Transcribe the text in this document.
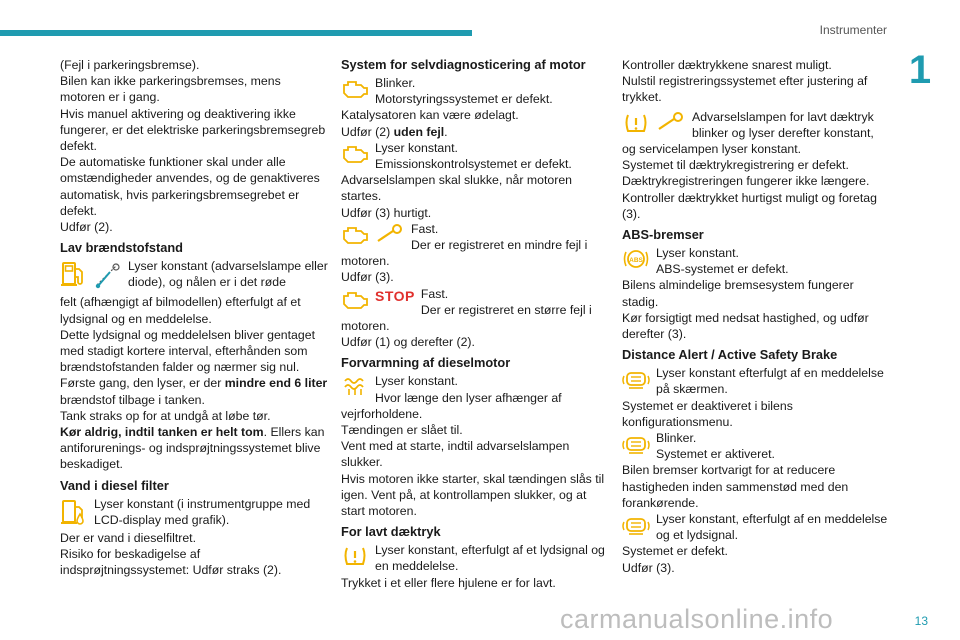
Instrumenter
1

(Fejl i parkeringsbremse).

Bilen kan ikke parkeringsbremses, mens motoren er i gang.

Hvis manuel aktivering og deaktivering ikke fungerer, er det elektriske parkeringsbremsegreb defekt.

De automatiske funktioner skal under alle omstændigheder anvendes, og de genaktiveres automatisk, hvis parkeringsbremsegrebet er defekt.

Udfør (2).

Lav brændstofstand
Lyser konstant (advarselslampe eller diode), og nålen er i det røde

felt (afhængigt af bilmodellen) efterfulgt af et lydsignal og en meddelelse.

Dette lydsignal og meddelelsen bliver gentaget med stadigt kortere interval, efterhånden som brændstofstanden falder og nærmer sig nul.

Første gang, den lyser, er der mindre end 6 liter brændstof tilbage i tanken.

Tank straks op for at undgå at løbe tør.

Kør aldrig, indtil tanken er helt tom. Ellers kan antiforurenings- og indsprøjtningssystemet blive beskadiget.

Vand i diesel filter
Lyser konstant (i instrumentgruppe med LCD-display med grafik).

Der er vand i dieselfiltret.

Risiko for beskadigelse af indsprøjtningssystemet: Udfør straks (2).

System for selvdiagnosticering af motor
Blinker.
Motorstyringssystemet er defekt.

Katalysatoren kan være ødelagt.

Udfør (2) uden fejl.

Lyser konstant.
Emissionskontrolsystemet er defekt.

Advarselslampen skal slukke, når motoren startes.

Udfør (3) hurtigt.

Fast.
Der er registreret en mindre fejl i

motoren.

Udfør (3).

STOP Fast.
Der er registreret en større fejl i

motoren.

Udfør (1) og derefter (2).

Forvarmning af dieselmotor
Lyser konstant.
Hvor længe den lyser afhænger af

vejrforholdene.

Tændingen er slået til.

Vent med at starte, indtil advarselslampen slukker.

Hvis motoren ikke starter, skal tændingen slås til igen. Vent på, at kontrollampen slukker, og at start motoren.

For lavt dæktryk
Lyser konstant, efterfulgt af et lydsignal og en meddelelse.

Trykket i et eller flere hjulene er for lavt.

Kontroller dæktrykkene snarest muligt.

Nulstil registreringssystemet efter justering af trykket.

Advarselslampen for lavt dæktryk blinker og lyser derefter konstant,

og servicelampen lyser konstant.

Systemet til dæktrykregistrering er defekt.

Dæktrykregistreringen fungerer ikke længere.

Kontroller dæktrykket hurtigst muligt og foretag (3).

ABS-bremser
ABS
Lyser konstant.
ABS-systemet er defekt.

Bilens almindelige bremsesystem fungerer stadig.

Kør forsigtigt med nedsat hastighed, og udfør derefter (3).

Distance Alert / Active Safety Brake
Lyser konstant efterfulgt af en meddelelse på skærmen.

Systemet er deaktiveret i bilens konfigurationsmenu.

Blinker.
Systemet er aktiveret.

Bilen bremser kortvarigt for at reducere hastigheden inden sammenstød med den forankørende.

Lyser konstant, efterfulgt af en meddelelse og et lydsignal.

Systemet er defekt.

Udfør (3).

carmanualsonline.info	13
